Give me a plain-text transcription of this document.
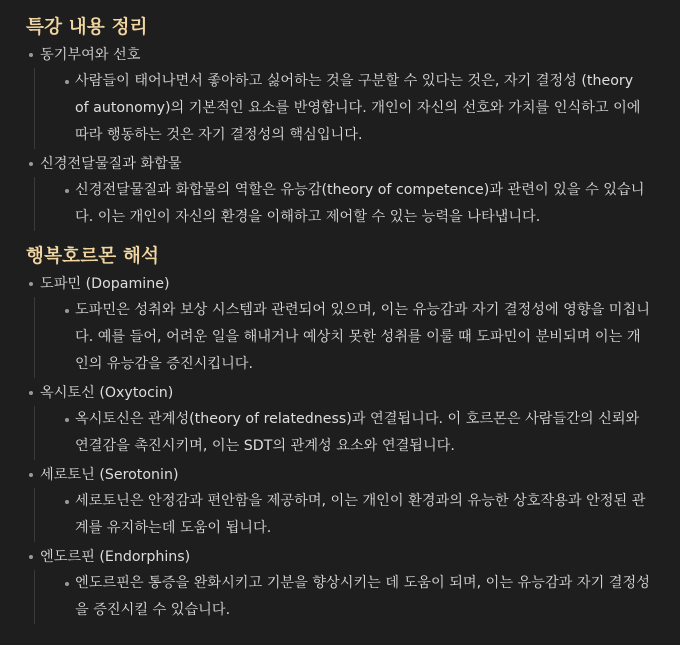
특강 내용 정리
동기부여와 선호
사람들이 태어나면서 좋아하고 싫어하는 것을 구분할 수 있다는 것은, 자기 결정성 (theory of autonomy)의 기본적인 요소를 반영합니다. 개인이 자신의 선호와 가치를 인식하고 이에 따라 행동하는 것은 자기 결정성의 핵심입니다.
신경전달물질과 화합물
신경전달물질과 화합물의 역할은 유능감(theory of competence)과 관련이 있을 수 있습니다. 이는 개인이 자신의 환경을 이해하고 제어할 수 있는 능력을 나타냅니다.
행복호르몬 해석
도파민 (Dopamine)
도파민은 성취와 보상 시스템과 관련되어 있으며, 이는 유능감과 자기 결정성에 영향을 미칩니다. 예를 들어, 어려운 일을 해내거나 예상치 못한 성취를 이룰 때 도파민이 분비되며 이는 개인의 유능감을 증진시킵니다.
옥시토신 (Oxytocin)
옥시토신은 관계성(theory of relatedness)과 연결됩니다. 이 호르몬은 사람들간의 신뢰와 연결감을 촉진시키며, 이는 SDT의 관계성 요소와 연결됩니다.
세로토닌 (Serotonin)
세로토닌은 안정감과 편안함을 제공하며, 이는 개인이 환경과의 유능한 상호작용과 안정된 관계를 유지하는데 도움이 됩니다.
엔도르핀 (Endorphins)
엔도르핀은 통증을 완화시키고 기분을 향상시키는 데 도움이 되며, 이는 유능감과 자기 결정성을 증진시킬 수 있습니다.
